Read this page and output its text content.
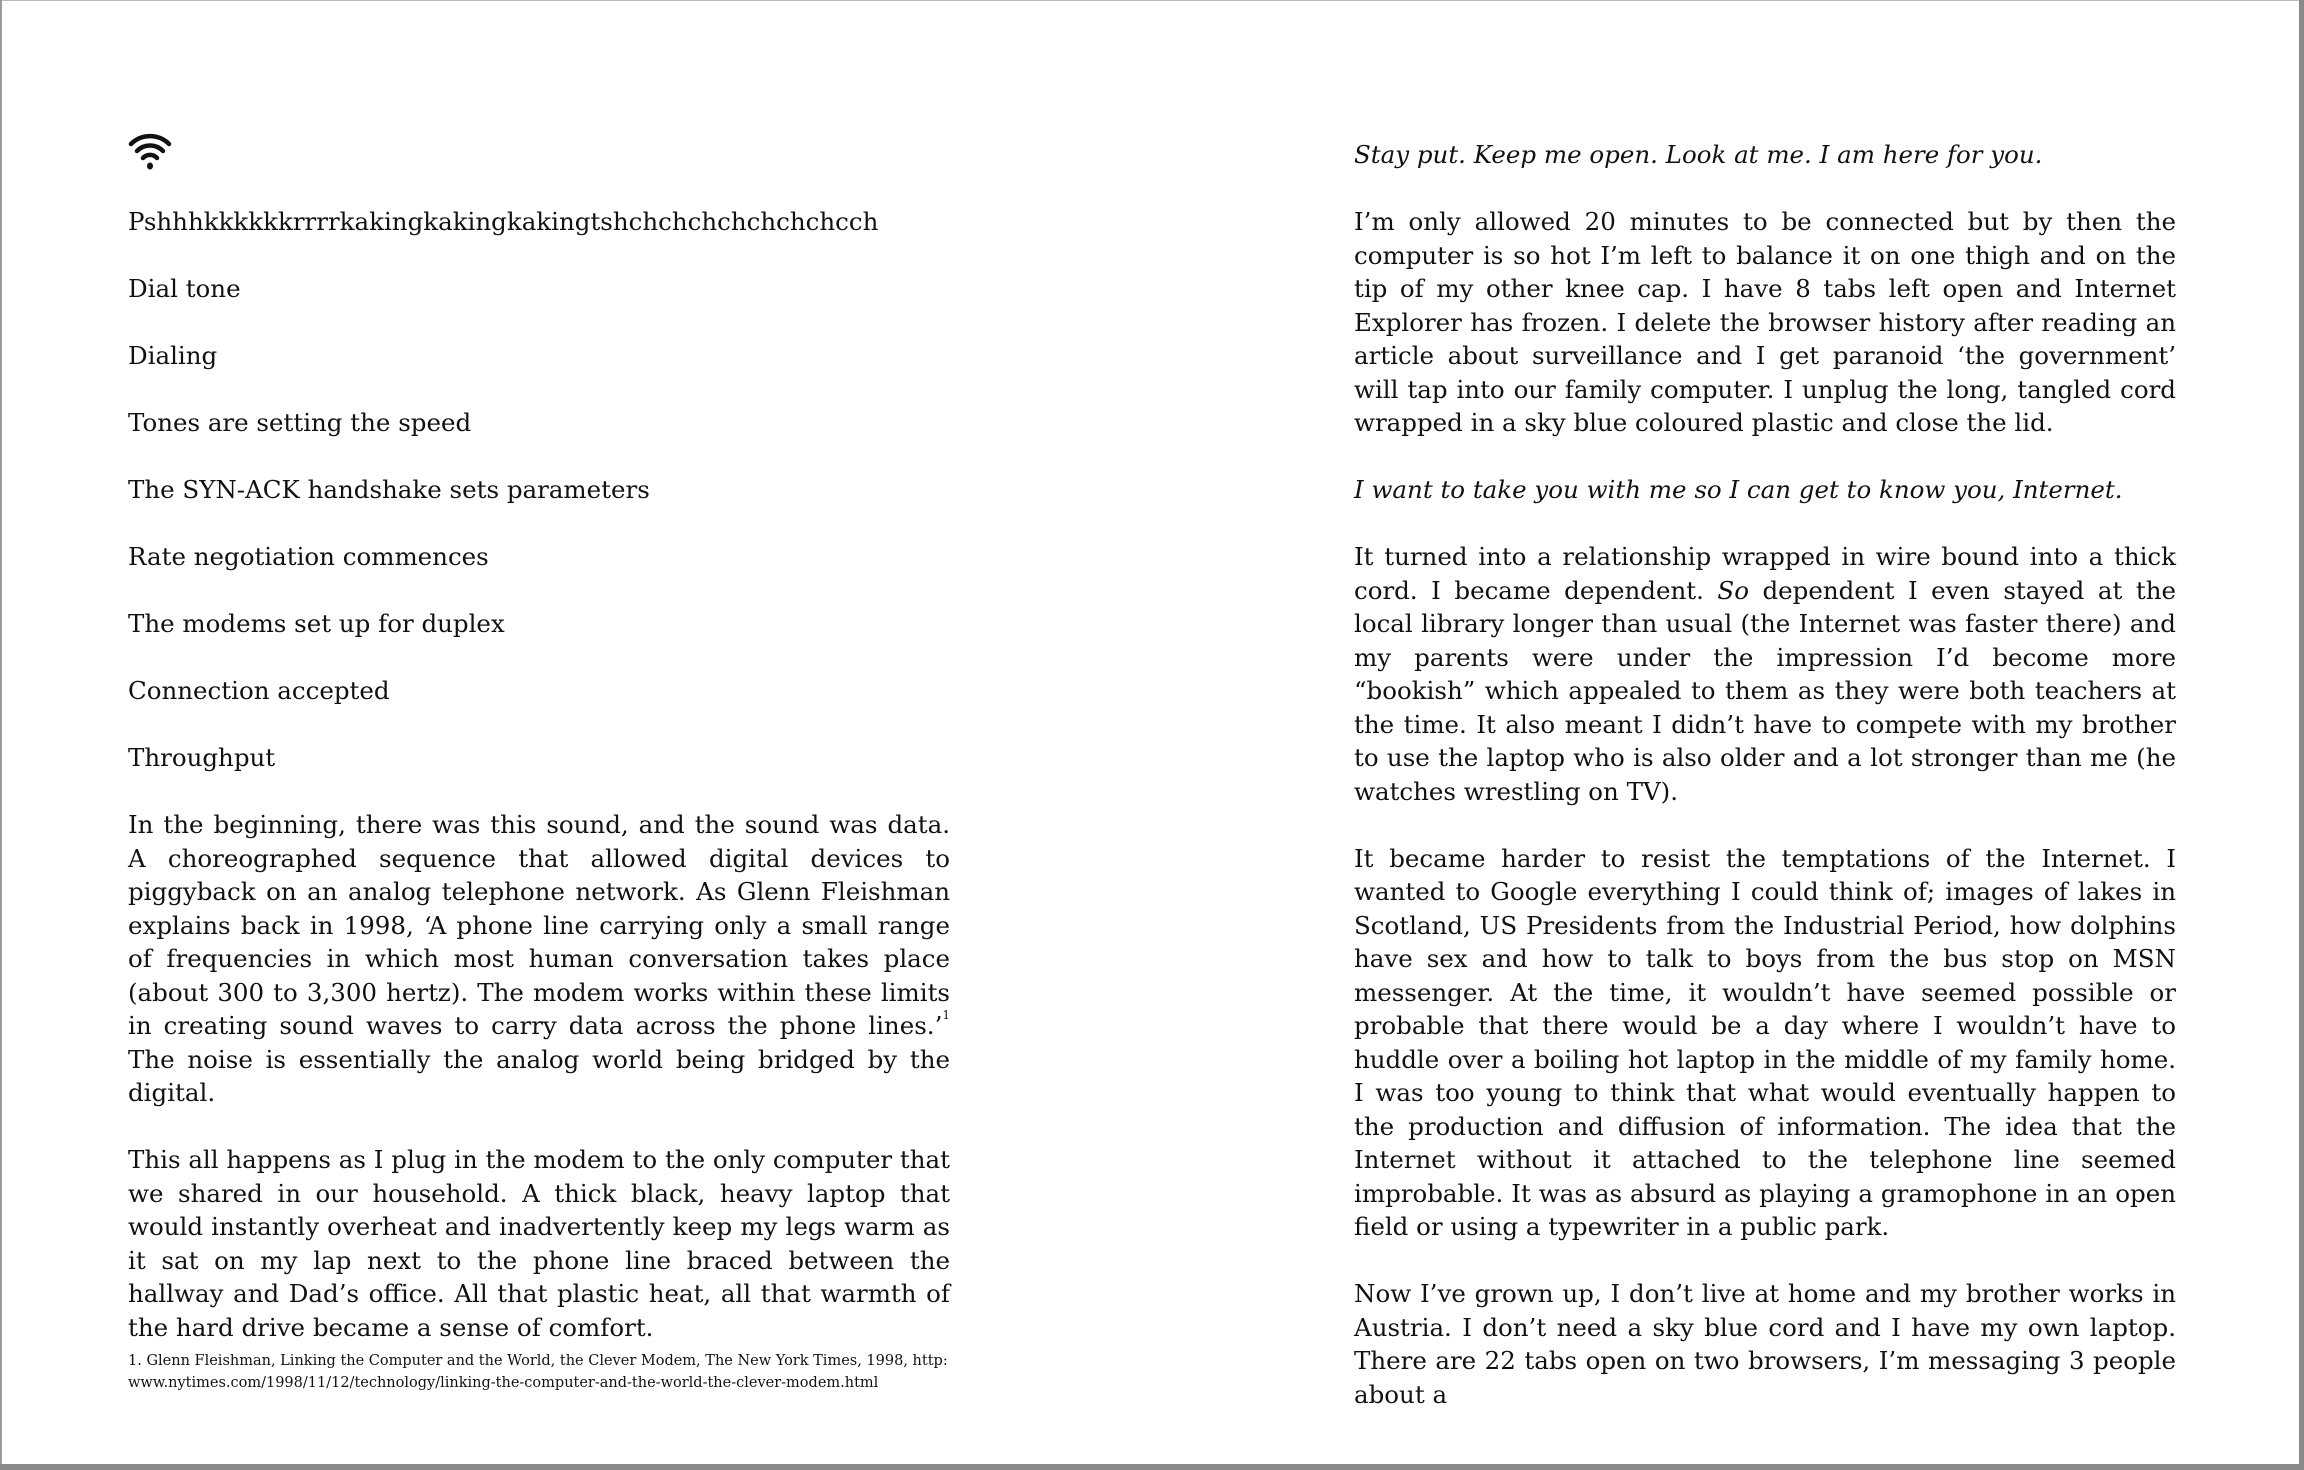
Pshhhkkkkkkrrrrkakingkakingkakingtshchchchchchchchcch

Dial tone

Dialing

Tones are setting the speed

The SYN-ACK handshake sets parameters

Rate negotiation commences

The modems set up for duplex

Connection accepted

Throughput

In the beginning, there was this sound, and the sound was data. A choreographed sequence that allowed digital devices to piggyback on an analog telephone network. As Glenn Fleishman explains back in 1998, ‘A phone line carrying only a small range of frequencies in which most human conversation takes place (about 300 to 3,300 hertz). The modem works within these limits in creating sound waves to carry data across the phone lines.’$^1$ The noise is essentially the analog world being bridged by the digital.

This all happens as I plug in the modem to the only computer that we shared in our household. A thick black, heavy laptop that would instantly overheat and inadvertently keep my legs warm as it sat on my lap next to the phone line braced between the hallway and Dad’s office. All that plastic heat, all that warmth of the hard drive became a sense of comfort.

1. Glenn Fleishman, Linking the Computer and the World, the Clever Modem, The New York Times, 1998, http: www.nytimes.com/1998/11/12/technology/linking-the-computer-and-the-world-the-clever-modem.html

Stay put. Keep me open. Look at me. I am here for you.

I’m only allowed 20 minutes to be connected but by then the computer is so hot I’m left to balance it on one thigh and on the tip of my other knee cap. I have 8 tabs left open and Internet Explorer has frozen. I delete the browser history after reading an article about surveillance and I get paranoid ‘the government’ will tap into our family computer. I unplug the long, tangled cord wrapped in a sky blue coloured plastic and close the lid.

I want to take you with me so I can get to know you, Internet.

It turned into a relationship wrapped in wire bound into a thick cord. I became dependent. So dependent I even stayed at the local library longer than usual (the Internet was faster there) and my parents were under the impression I’d become more “bookish” which appealed to them as they were both teachers at the time. It also meant I didn’t have to compete with my brother to use the laptop who is also older and a lot stronger than me (he watches wrestling on TV).

It became harder to resist the temptations of the Internet. I wanted to Google everything I could think of; images of lakes in Scotland, US Presidents from the Industrial Period, how dolphins have sex and how to talk to boys from the bus stop on MSN messenger. At the time, it wouldn’t have seemed possible or probable that there would be a day where I wouldn’t have to huddle over a boiling hot laptop in the middle of my family home. I was too young to think that what would eventually happen to the production and diffusion of information. The idea that the Internet without it attached to the telephone line seemed improbable. It was as absurd as playing a gramophone in an open field or using a typewriter in a public park.

Now I’ve grown up, I don’t live at home and my brother works in Austria. I don’t need a sky blue cord and I have my own laptop. There are 22 tabs open on two browsers, I’m messaging 3 people about a
